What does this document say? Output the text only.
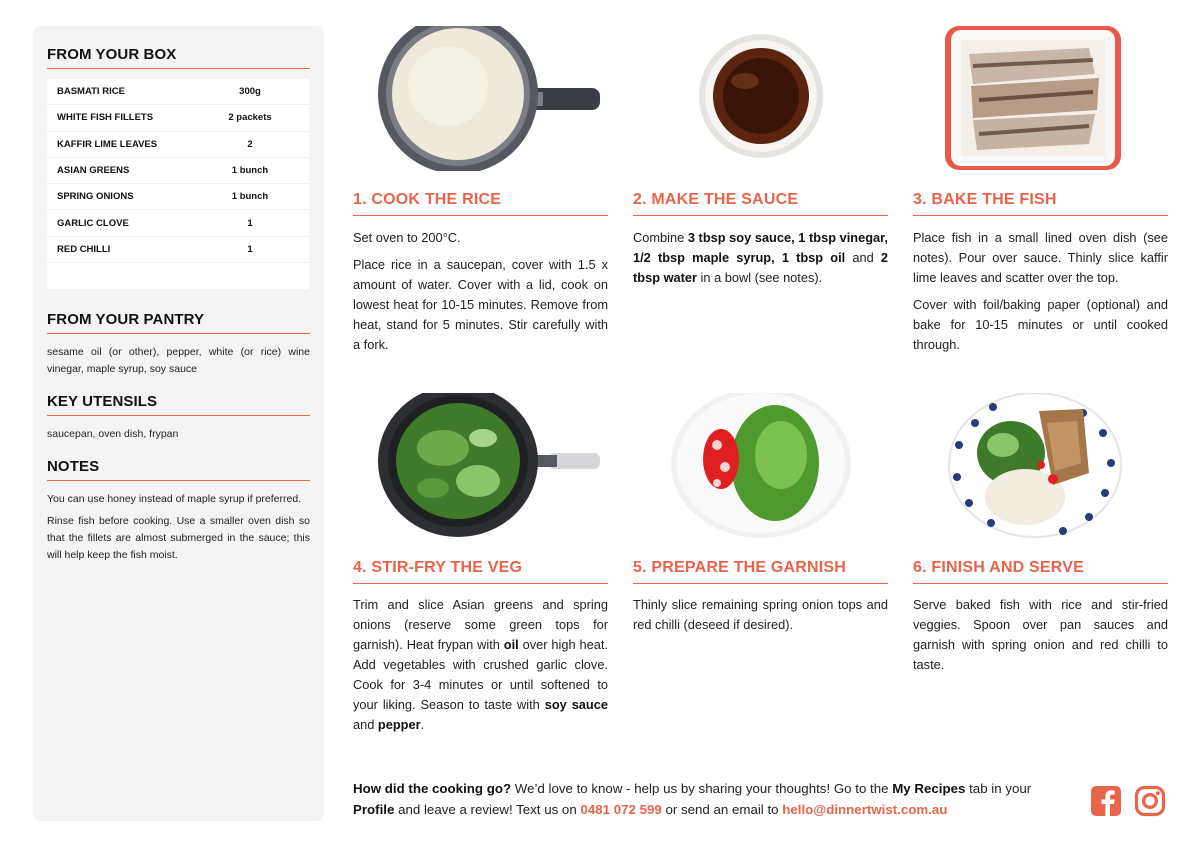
FROM YOUR BOX
BASMATI RICE	300g
WHITE FISH FILLETS	2 packets
KAFFIR LIME LEAVES	2
ASIAN GREENS	1 bunch
SPRING ONIONS	1 bunch
GARLIC CLOVE	1
RED CHILLI	1
FROM YOUR PANTRY

sesame oil (or other), pepper, white (or rice) wine vinegar, maple syrup, soy sauce

KEY UTENSILS

saucepan, oven dish, frypan

NOTES

You can use honey instead of maple syrup if preferred.

Rinse fish before cooking. Use a smaller oven dish so that the fillets are almost submerged in the sauce; this will help keep the fish moist.

1. COOK THE RICE

Set oven to 200°C.

Place rice in a saucepan, cover with 1.5 x amount of water. Cover with a lid, cook on lowest heat for 10-15 minutes. Remove from heat, stand for 5 minutes. Stir carefully with a fork.

2. MAKE THE SAUCE

Combine 3 tbsp soy sauce, 1 tbsp vinegar, 1/2 tbsp maple syrup, 1 tbsp oil and 2 tbsp water in a bowl (see notes).

3. BAKE THE FISH

Place fish in a small lined oven dish (see notes). Pour over sauce. Thinly slice kaffir lime leaves and scatter over the top.

Cover with foil/baking paper (optional) and bake for 10-15 minutes or until cooked through.

4. STIR-FRY THE VEG

Trim and slice Asian greens and spring onions (reserve some green tops for garnish). Heat frypan with oil over high heat. Add vegetables with crushed garlic clove. Cook for 3-4 minutes or until softened to your liking. Season to taste with soy sauce and pepper.

5. PREPARE THE GARNISH

Thinly slice remaining spring onion tops and red chilli (deseed if desired).

6. FINISH AND SERVE

Serve baked fish with rice and stir-fried veggies. Spoon over pan sauces and garnish with spring onion and red chilli to taste.

How did the cooking go? We’d love to know - help us by sharing your thoughts! Go to the My Recipes tab in your Profile and leave a review! Text us on 0481 072 599 or send an email to hello@dinnertwist.com.au
